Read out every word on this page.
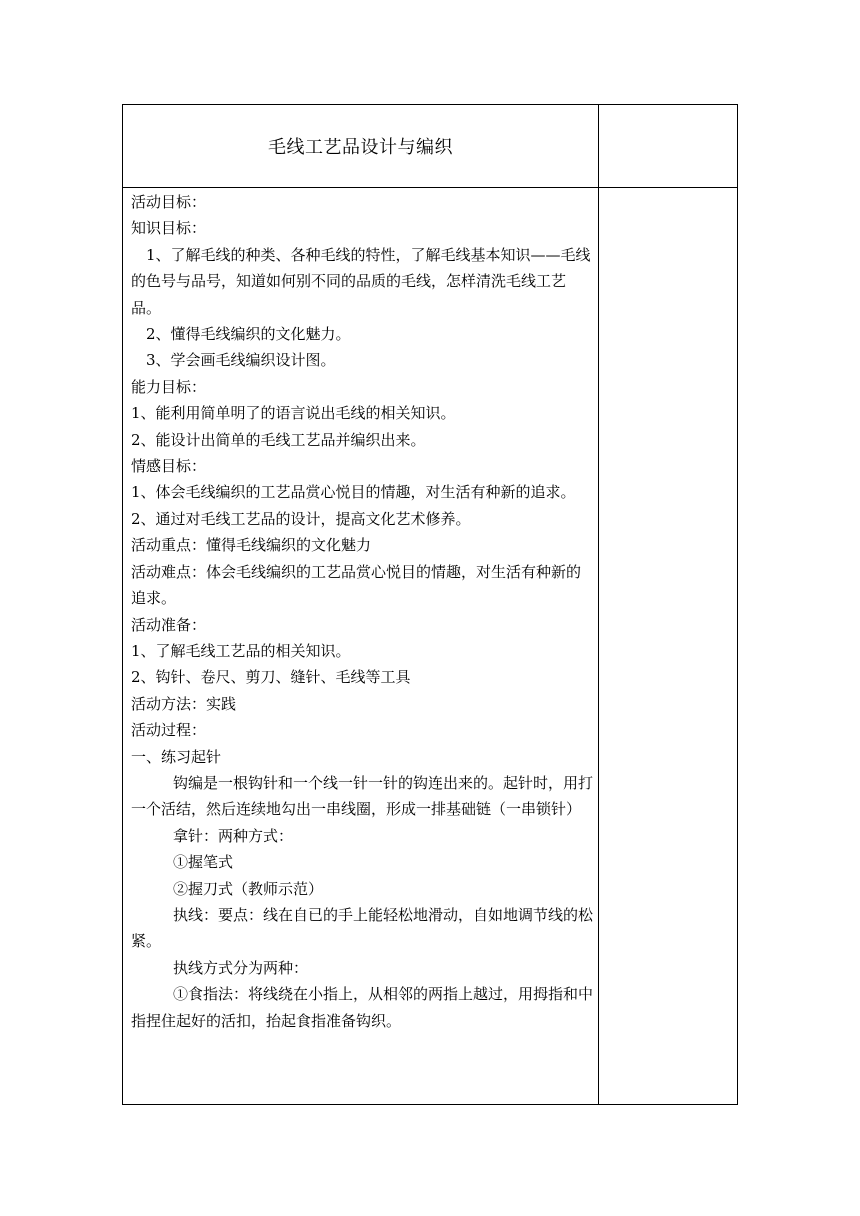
毛线工艺品设计与编织

活动目标：

知识目标：

1、了解毛线的种类、各种毛线的特性，了解毛线基本知识——毛线的色号与品号，知道如何别不同的品质的毛线，怎样清洗毛线工艺品。

2、懂得毛线编织的文化魅力。

3、学会画毛线编织设计图。

能力目标：

1、能利用简单明了的语言说出毛线的相关知识。

2、能设计出简单的毛线工艺品并编织出来。

情感目标：

1、体会毛线编织的工艺品赏心悦目的情趣，对生活有种新的追求。

2、通过对毛线工艺品的设计，提高文化艺术修养。

活动重点：懂得毛线编织的文化魅力

活动难点：体会毛线编织的工艺品赏心悦目的情趣，对生活有种新的追求。

活动准备：

1、了解毛线工艺品的相关知识。

2、钩针、卷尺、剪刀、缝针、毛线等工具

活动方法：实践

活动过程：

一、练习起针

钩编是一根钩针和一个线一针一针的钩连出来的。起针时，用打一个活结，然后连续地勾出一串线圈，形成一排基础链（一串锁针）

拿针：两种方式：

①握笔式

②握刀式（教师示范）

执线：要点：线在自已的手上能轻松地滑动，自如地调节线的松紧。

执线方式分为两种：

①食指法：将线绕在小指上，从相邻的两指上越过，用拇指和中指捏住起好的活扣，抬起食指准备钩织。
